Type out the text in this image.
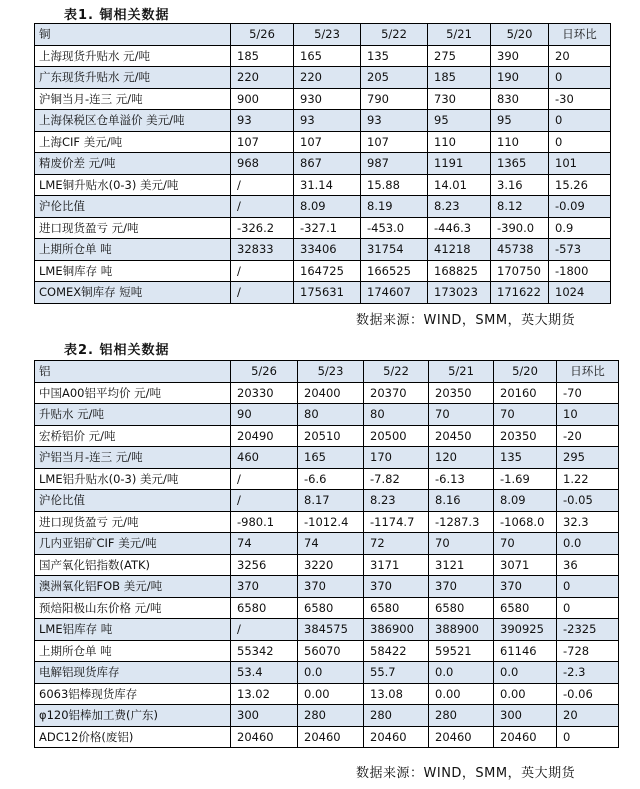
表1. 铜相关数据
铜	5/26	5/23	5/22	5/21	5/20	日环比
上海现货升贴水 元/吨	185	165	135	275	390	20
广东现货升贴水 元/吨	220	220	205	185	190	0
沪铜当月-连三 元/吨	900	930	790	730	830	-30
上海保税区仓单溢价 美元/吨	93	93	93	95	95	0
上海CIF 美元/吨	107	107	107	110	110	0
精废价差 元/吨	968	867	987	1191	1365	101
LME铜升贴水(0-3) 美元/吨	/	31.14	15.88	14.01	3.16	15.26
沪伦比值	/	8.09	8.19	8.23	8.12	-0.09
进口现货盈亏 元/吨	-326.2	-327.1	-453.0	-446.3	-390.0	0.9
上期所仓单 吨	32833	33406	31754	41218	45738	-573
LME铜库存 吨	/	164725	166525	168825	170750	-1800
COMEX铜库存 短吨	/	175631	174607	173023	171622	1024
数据来源：WIND，SMM，英大期货
表2. 铝相关数据
铝	5/26	5/23	5/22	5/21	5/20	日环比
中国A00铝平均价 元/吨	20330	20400	20370	20350	20160	-70
升贴水 元/吨	90	80	80	70	70	10
宏桥铝价 元/吨	20490	20510	20500	20450	20350	-20
沪铝当月-连三 元/吨	460	165	170	120	135	295
LME铝升贴水(0-3) 美元/吨	/	-6.6	-7.82	-6.13	-1.69	1.22
沪伦比值	/	8.17	8.23	8.16	8.09	-0.05
进口现货盈亏 元/吨	-980.1	-1012.4	-1174.7	-1287.3	-1068.0	32.3
几内亚铝矿CIF 美元/吨	74	74	72	70	70	0.0
国产氧化铝指数(ATK)	3256	3220	3171	3121	3071	36
澳洲氧化铝FOB 美元/吨	370	370	370	370	370	0
预焙阳极山东价格 元/吨	6580	6580	6580	6580	6580	0
LME铝库存 吨	/	384575	386900	388900	390925	-2325
上期所仓单 吨	55342	56070	58422	59521	61146	-728
电解铝现货库存	53.4	0.0	55.7	0.0	0.0	-2.3
6063铝棒现货库存	13.02	0.00	13.08	0.00	0.00	-0.06
φ120铝棒加工费(广东)	300	280	280	280	300	20
ADC12价格(废铝)	20460	20460	20460	20460	20460	0
数据来源：WIND，SMM，英大期货
